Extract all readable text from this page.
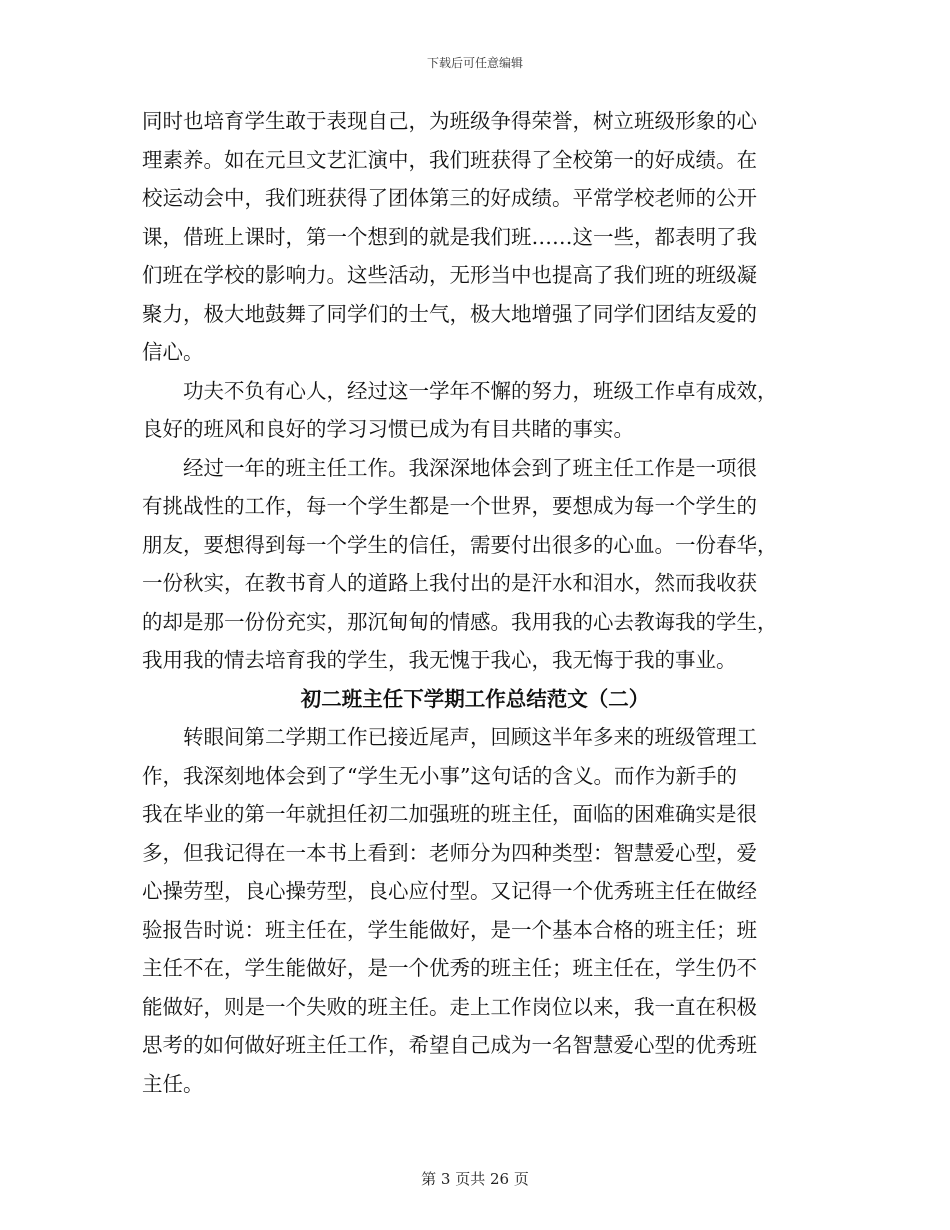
下载后可任意编辑
同时也培育学生敢于表现自己，为班级争得荣誉，树立班级形象的心
理素养。如在元旦文艺汇演中，我们班获得了全校第一的好成绩。在
校运动会中，我们班获得了团体第三的好成绩。平常学校老师的公开
课，借班上课时，第一个想到的就是我们班……这一些，都表明了我
们班在学校的影响力。这些活动，无形当中也提高了我们班的班级凝
聚力，极大地鼓舞了同学们的士气，极大地增强了同学们团结友爱的
信心。
功夫不负有心人，经过这一学年不懈的努力，班级工作卓有成效，
良好的班风和良好的学习习惯已成为有目共睹的事实。
经过一年的班主任工作。我深深地体会到了班主任工作是一项很
有挑战性的工作，每一个学生都是一个世界，要想成为每一个学生的
朋友，要想得到每一个学生的信任，需要付出很多的心血。一份春华，
一份秋实，在教书育人的道路上我付出的是汗水和泪水，然而我收获
的却是那一份份充实，那沉甸甸的情感。我用我的心去教诲我的学生，
我用我的情去培育我的学生，我无愧于我心，我无悔于我的事业。
初二班主任下学期工作总结范文（二）
转眼间第二学期工作已接近尾声，回顾这半年多来的班级管理工
作，我深刻地体会到了“学生无小事”这句话的含义。而作为新手的
我在毕业的第一年就担任初二加强班的班主任，面临的困难确实是很
多，但我记得在一本书上看到：老师分为四种类型：智慧爱心型，爱
心操劳型，良心操劳型，良心应付型。又记得一个优秀班主任在做经
验报告时说：班主任在，学生能做好，是一个基本合格的班主任；班
主任不在，学生能做好，是一个优秀的班主任；班主任在，学生仍不
能做好，则是一个失败的班主任。走上工作岗位以来，我一直在积极
思考的如何做好班主任工作，希望自己成为一名智慧爱心型的优秀班
主任。
第 3 页共 26 页
